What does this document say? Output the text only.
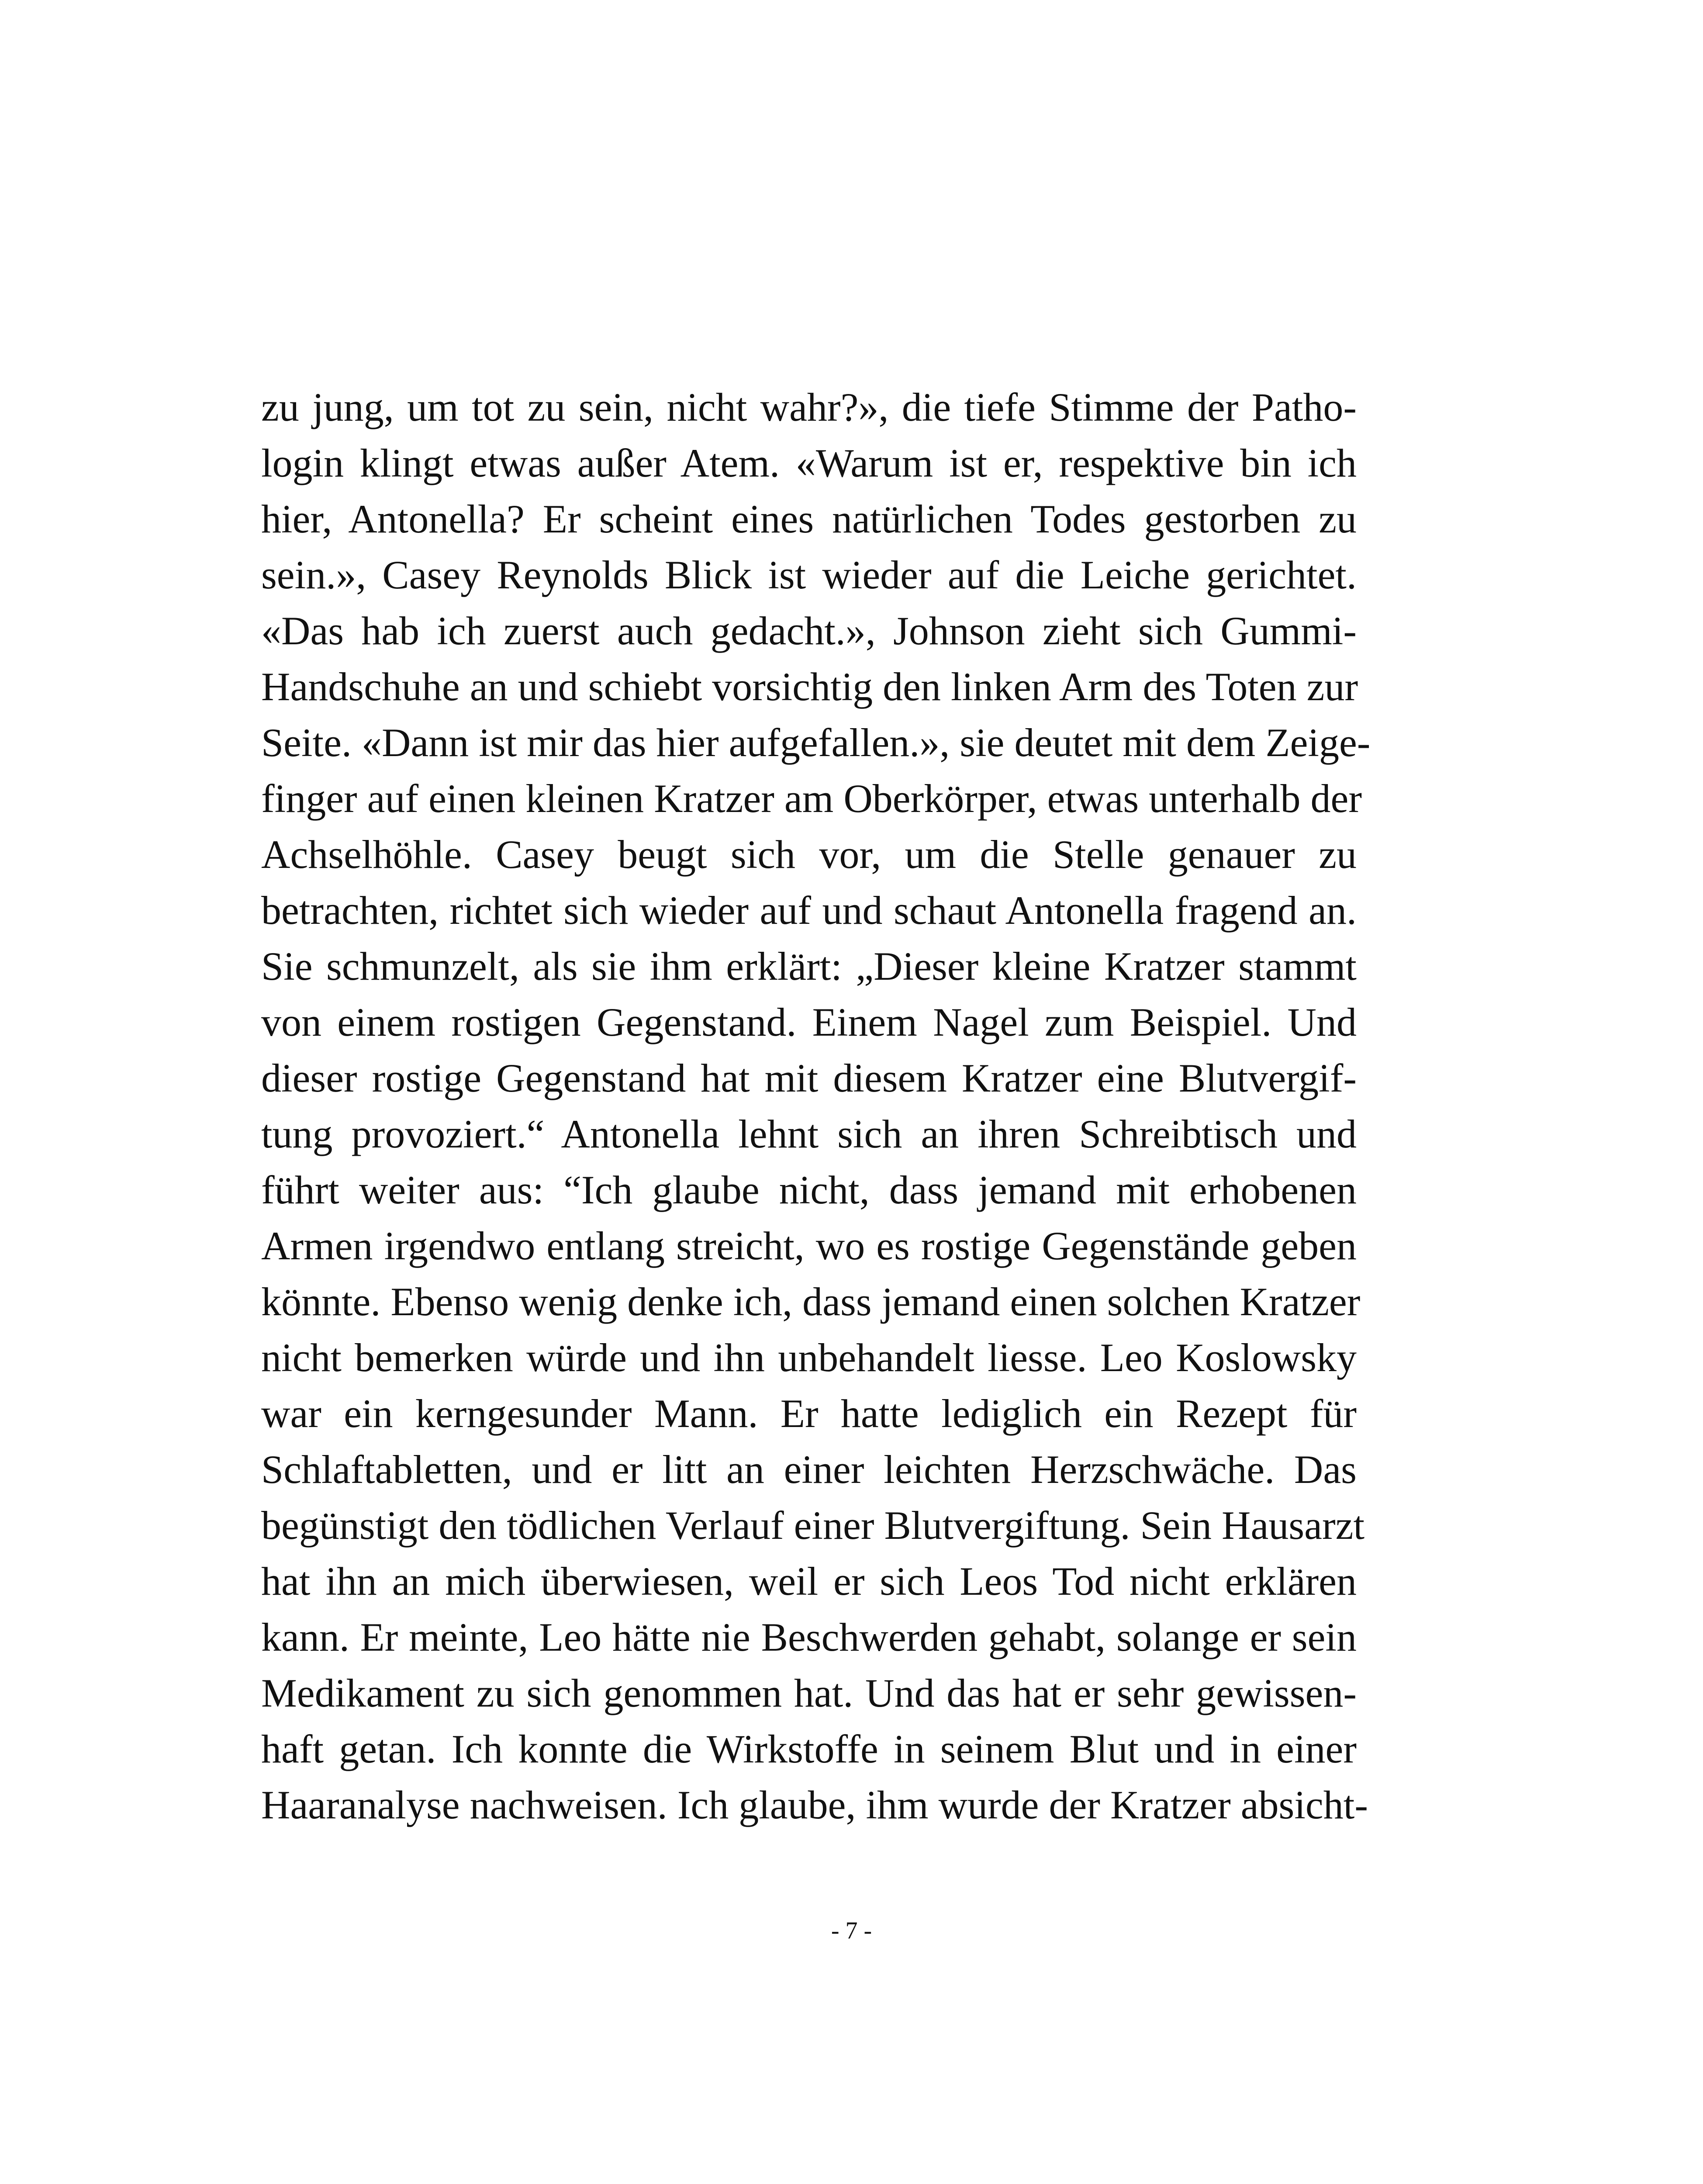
zu jung, um tot zu sein, nicht wahr?», die tiefe Stimme der Patho-
login klingt etwas außer Atem. «Warum ist er, respektive bin ich
hier, Antonella? Er scheint eines natürlichen Todes gestorben zu
sein.», Casey Reynolds Blick ist wieder auf die Leiche gerichtet.
«Das hab ich zuerst auch gedacht.», Johnson zieht sich Gummi-
Handschuhe an und schiebt vorsichtig den linken Arm des Toten zur
Seite. «Dann ist mir das hier aufgefallen.», sie deutet mit dem Zeige-
finger auf einen kleinen Kratzer am Oberkörper, etwas unterhalb der
Achselhöhle. Casey beugt sich vor, um die Stelle genauer zu
betrachten, richtet sich wieder auf und schaut Antonella fragend an.
Sie schmunzelt, als sie ihm erklärt: „Dieser kleine Kratzer stammt
von einem rostigen Gegenstand. Einem Nagel zum Beispiel. Und
dieser rostige Gegenstand hat mit diesem Kratzer eine Blutvergif-
tung provoziert.“ Antonella lehnt sich an ihren Schreibtisch und
führt weiter aus: “Ich glaube nicht, dass jemand mit erhobenen
Armen irgendwo entlang streicht, wo es rostige Gegenstände geben
könnte. Ebenso wenig denke ich, dass jemand einen solchen Kratzer
nicht bemerken würde und ihn unbehandelt liesse. Leo Koslowsky
war ein kerngesunder Mann. Er hatte lediglich ein Rezept für
Schlaftabletten, und er litt an einer leichten Herzschwäche. Das
begünstigt den tödlichen Verlauf einer Blutvergiftung. Sein Hausarzt
hat ihn an mich überwiesen, weil er sich Leos Tod nicht erklären
kann. Er meinte, Leo hätte nie Beschwerden gehabt, solange er sein
Medikament zu sich genommen hat. Und das hat er sehr gewissen-
haft getan. Ich konnte die Wirkstoffe in seinem Blut und in einer
Haaranalyse nachweisen. Ich glaube, ihm wurde der Kratzer absicht-
- 7 -
